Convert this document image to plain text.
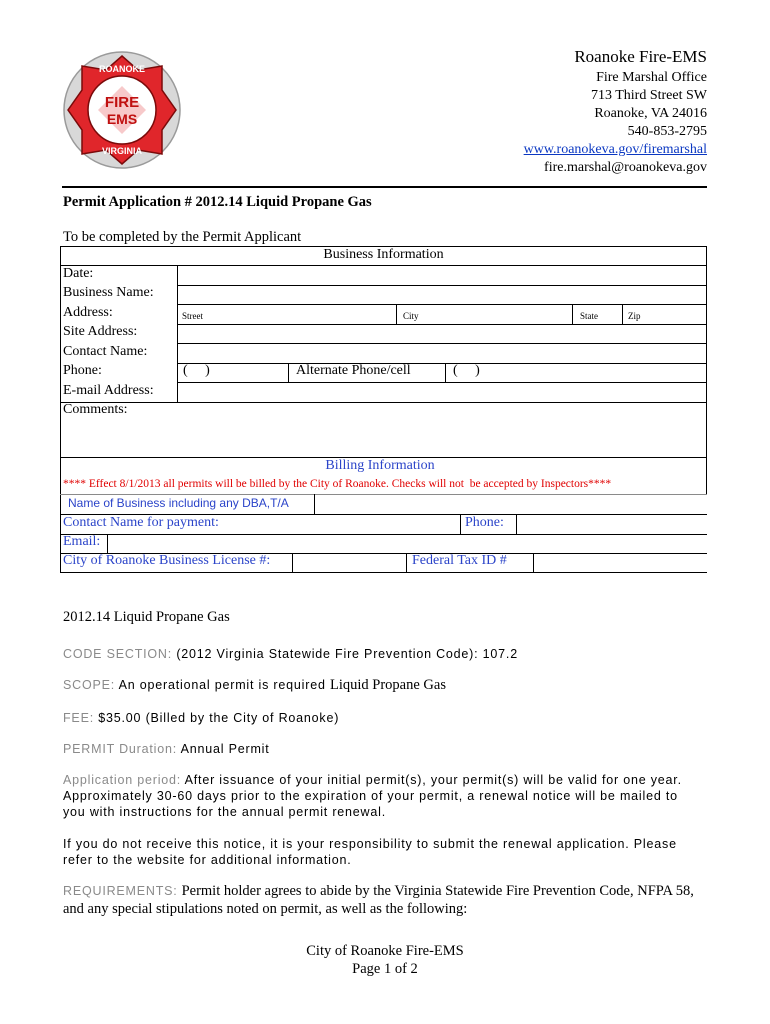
ROANOKE
FIRE
EMS
VIRGINIA
Roanoke Fire-EMS
Fire Marshal Office
713 Third Street SW
Roanoke, VA 24016
540-853-2795
www.roanokeva.gov/firemarshal
fire.marshal@roanokeva.gov
Permit Application # 2012.14 Liquid Propane Gas
To be completed by the Permit Applicant
Business Information
Date:
Business Name:
Address:	Street	City	State	Zip
Site Address:
Contact Name:
Phone:	(     )	Alternate Phone/cell	(     )
E-mail Address:
Comments:
Billing Information
**** Effect 8/1/2013 all permits will be billed by the City of Roanoke. Checks will not  be accepted by Inspectors****
Name of Business including any DBA,T/A
Contact Name for payment:	Phone:
Email:
City of Roanoke Business License #:	Federal Tax ID #
2012.14 Liquid Propane Gas
CODE SECTION: (2012 Virginia Statewide Fire Prevention Code): 107.2
SCOPE: An operational permit is required Liquid Propane Gas
FEE: $35.00 (Billed by the City of Roanoke)
PERMIT Duration: Annual Permit
Application period: After issuance of your initial permit(s), your permit(s) will be valid for one year. Approximately 30-60 days prior to the expiration of your permit, a renewal notice will be mailed to you with instructions for the annual permit renewal.
If you do not receive this notice, it is your responsibility to submit the renewal application. Please refer to the website for additional information.
REQUIREMENTS: Permit holder agrees to abide by the Virginia Statewide Fire Prevention Code, NFPA 58, and any special stipulations noted on permit, as well as the following:
City of Roanoke Fire-EMS
Page 1 of 2
